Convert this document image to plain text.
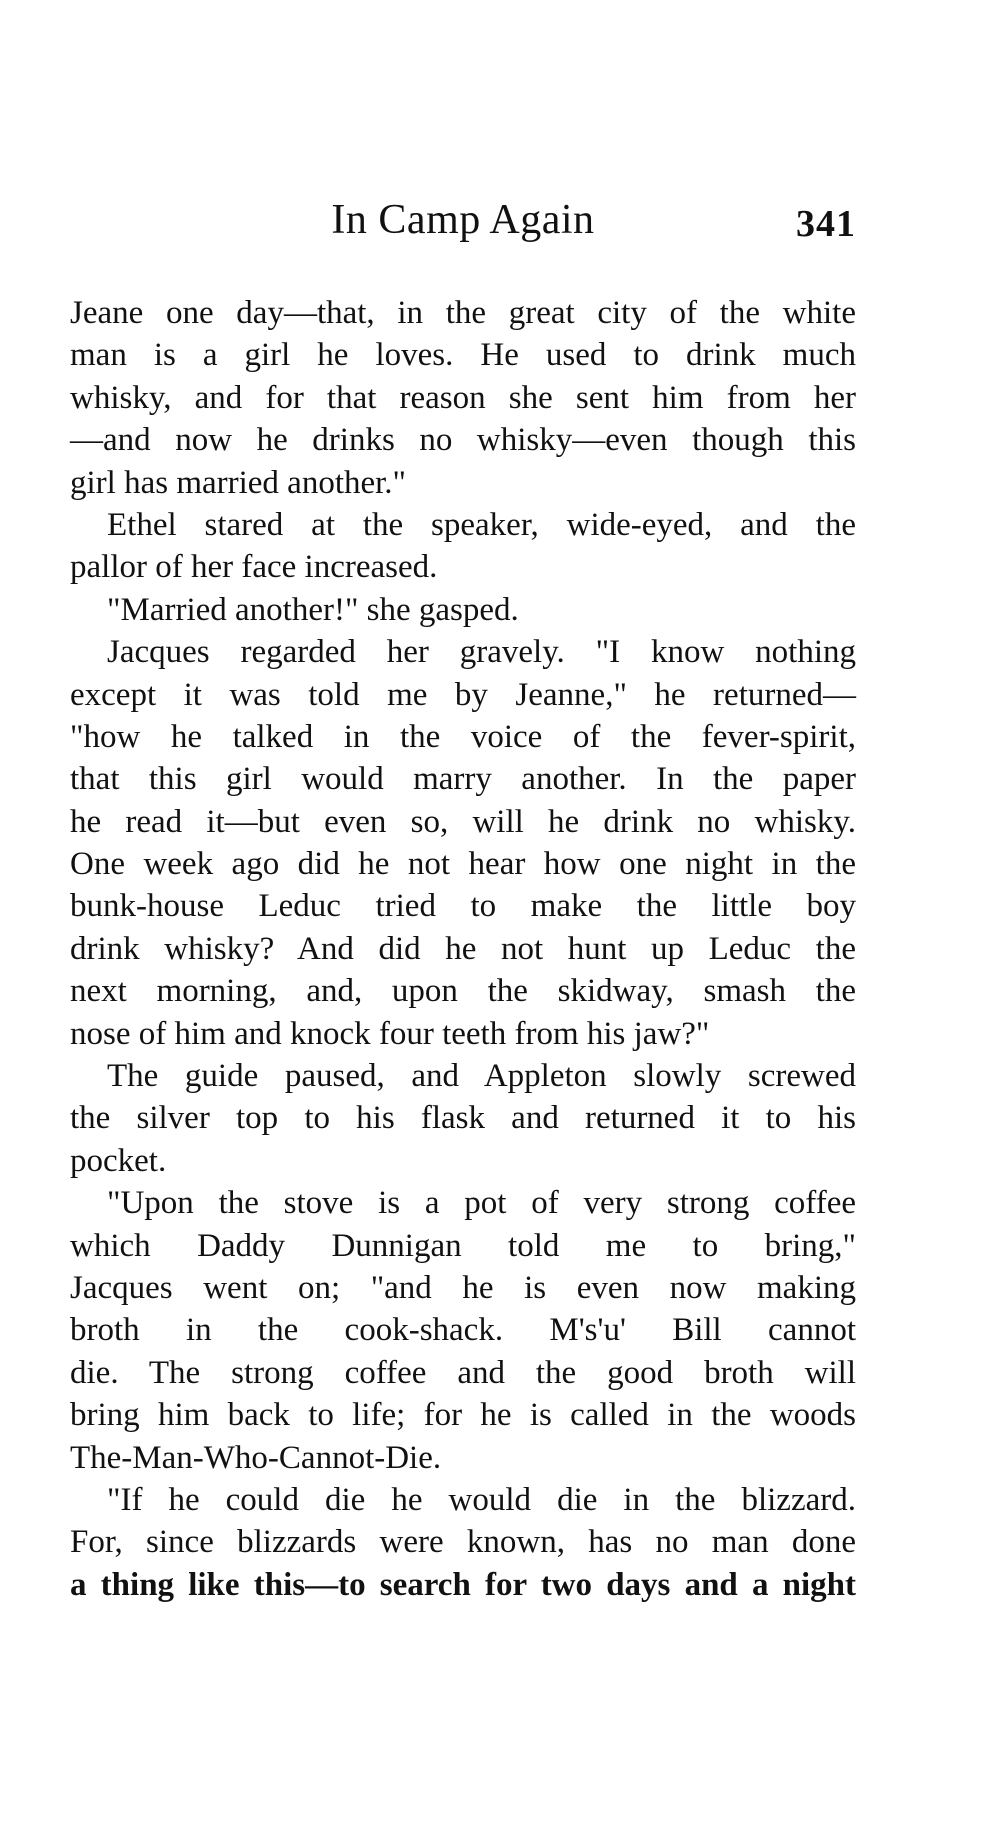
In Camp Again	341
Jeane one day—that, in the great city of the white
man is a girl he loves. He used to drink much
whisky, and for that reason she sent him from her
—and now he drinks no whisky—even though this
girl has married another."
Ethel stared at the speaker, wide-eyed, and the
pallor of her face increased.
"Married another!" she gasped.
Jacques regarded her gravely. "I know nothing
except it was told me by Jeanne," he returned—
"how he talked in the voice of the fever-spirit,
that this girl would marry another. In the paper
he read it—but even so, will he drink no whisky.
One week ago did he not hear how one night in the
bunk-house Leduc tried to make the little boy
drink whisky? And did he not hunt up Leduc the
next morning, and, upon the skidway, smash the
nose of him and knock four teeth from his jaw?"
The guide paused, and Appleton slowly screwed
the silver top to his flask and returned it to his
pocket.
"Upon the stove is a pot of very strong coffee
which Daddy Dunnigan told me to bring,"
Jacques went on; "and he is even now making
broth in the cook-shack. M's'u' Bill cannot
die. The strong coffee and the good broth will
bring him back to life; for he is called in the woods
The-Man-Who-Cannot-Die.
"If he could die he would die in the blizzard.
For, since blizzards were known, has no man done
a thing like this—to search for two days and a night
